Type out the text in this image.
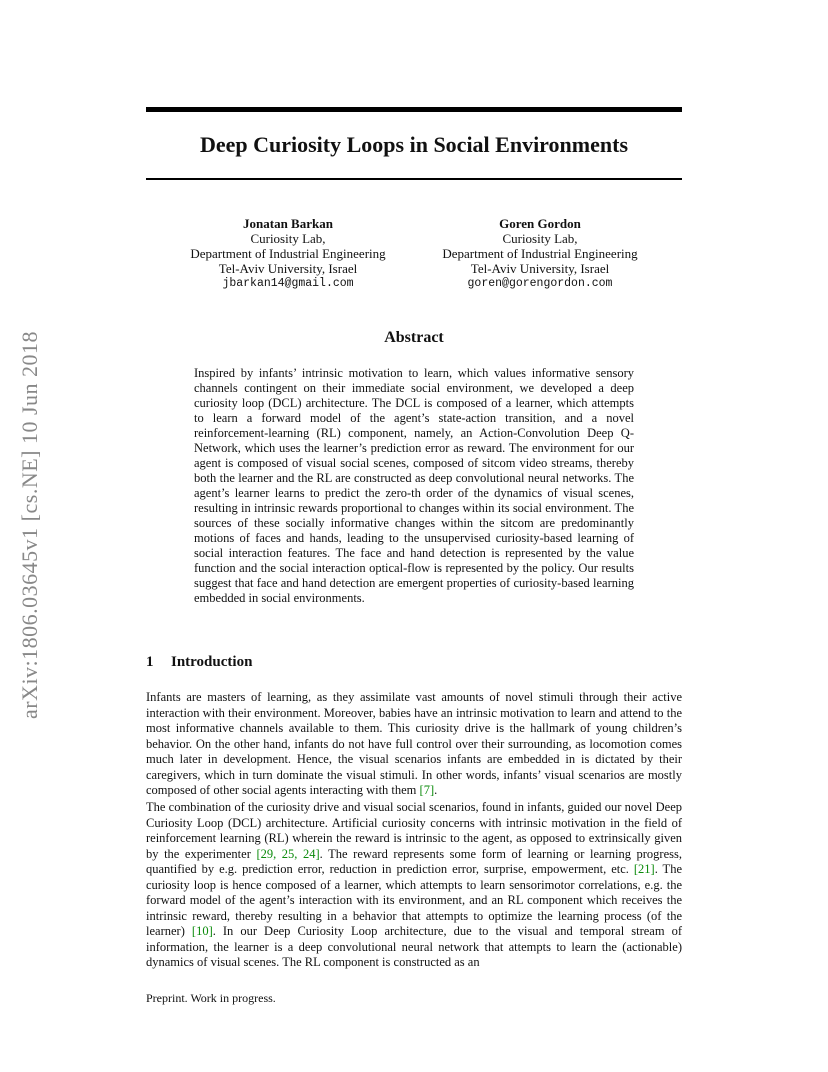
arXiv:1806.03645v1 [cs.NE] 10 Jun 2018
Deep Curiosity Loops in Social Environments
Jonatan Barkan
Curiosity Lab,
Department of Industrial Engineering
Tel-Aviv University, Israel
jbarkan14@gmail.com
Goren Gordon
Curiosity Lab,
Department of Industrial Engineering
Tel-Aviv University, Israel
goren@gorengordon.com
Abstract

Inspired by infants’ intrinsic motivation to learn, which values informative sensory channels contingent on their immediate social environment, we developed a deep curiosity loop (DCL) architecture. The DCL is composed of a learner, which attempts to learn a forward model of the agent’s state-action transition, and a novel reinforcement-learning (RL) component, namely, an Action-Convolution Deep Q-Network, which uses the learner’s prediction error as reward. The environment for our agent is composed of visual social scenes, composed of sitcom video streams, thereby both the learner and the RL are constructed as deep convolutional neural networks. The agent’s learner learns to predict the zero-th order of the dynamics of visual scenes, resulting in intrinsic rewards proportional to changes within its social environment. The sources of these socially informative changes within the sitcom are predominantly motions of faces and hands, leading to the unsupervised curiosity-based learning of social interaction features. The face and hand detection is represented by the value function and the social interaction optical-flow is represented by the policy. Our results suggest that face and hand detection are emergent properties of curiosity-based learning embedded in social environments.

1 Introduction

Infants are masters of learning, as they assimilate vast amounts of novel stimuli through their active interaction with their environment. Moreover, babies have an intrinsic motivation to learn and attend to the most informative channels available to them. This curiosity drive is the hallmark of young children’s behavior. On the other hand, infants do not have full control over their surrounding, as locomotion comes much later in development. Hence, the visual scenarios infants are embedded in is dictated by their caregivers, which in turn dominate the visual stimuli. In other words, infants’ visual scenarios are mostly composed of other social agents interacting with them [7].

The combination of the curiosity drive and visual social scenarios, found in infants, guided our novel Deep Curiosity Loop (DCL) architecture. Artificial curiosity concerns with intrinsic motivation in the field of reinforcement learning (RL) wherein the reward is intrinsic to the agent, as opposed to extrinsically given by the experimenter [29, 25, 24]. The reward represents some form of learning or learning progress, quantified by e.g. prediction error, reduction in prediction error, surprise, empowerment, etc. [21]. The curiosity loop is hence composed of a learner, which attempts to learn sensorimotor correlations, e.g. the forward model of the agent’s interaction with its environment, and an RL component which receives the intrinsic reward, thereby resulting in a behavior that attempts to optimize the learning process (of the learner) [10]. In our Deep Curiosity Loop architecture, due to the visual and temporal stream of information, the learner is a deep convolutional neural network that attempts to learn the (actionable) dynamics of visual scenes. The RL component is constructed as an

Preprint. Work in progress.
